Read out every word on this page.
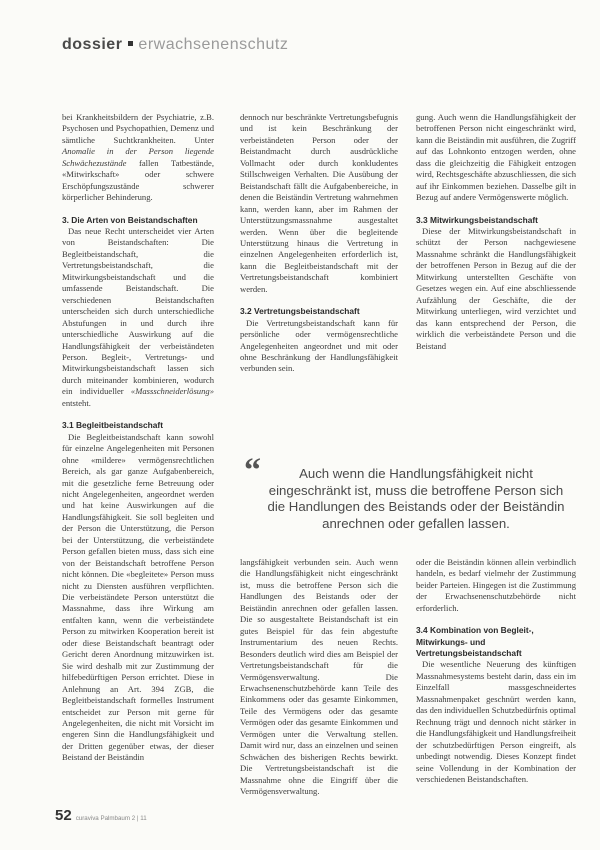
dossier erwachsenenschutz

bei Krankheitsbildern der Psychiatrie, z.B. Psychosen und Psychopathien, Demenz und sämtliche Suchtkrankheiten. Unter Anomalie in der Person liegende Schwächezustände fallen Tatbestände, «Mitwirkschaft» oder schwere Erschöpfungszustände schwerer körperlicher Behinderung.

3. Die Arten von Beistandschaften

Das neue Recht unterscheidet vier Arten von Beistandschaften: Die Begleitbeistandschaft, die Vertretungsbeistandschaft, die Mitwirkungsbeistandschaft und die umfassende Beistandschaft. Die verschiedenen Beistandschaften unterscheiden sich durch unterschiedliche Abstufungen in und durch ihre unterschiedliche Auswirkung auf die Handlungsfähigkeit der verbeiständeten Person. Begleit-, Vertretungs- und Mitwirkungsbeistandschaft lassen sich durch miteinander kombinieren, wodurch ein individueller «Massschneiderlösung» entsteht.

3.1 Begleitbeistandschaft

Die Begleitbeistandschaft kann sowohl für einzelne Angelegenheiten mit Personen ohne «mildere» vermögensrechtlichen Bereich, als gar ganze Aufgabenbereich, mit die gesetzliche ferne Betreuung oder nicht Angelegenheiten, angeordnet werden und hat keine Auswirkungen auf die Handlungsfähigkeit. Sie soll begleiten und der Person die Unterstützung, die Person bei der Unterstützung, die verbeiständete Person gefallen bieten muss, dass sich eine von der Beistandschaft betroffene Person nicht können. Die «begleitete» Person muss nicht zu Diensten ausführen verpflichten. Die verbeiständete Person unterstützt die Massnahme, dass ihre Wirkung am entfalten kann, wenn die verbeiständete Person zu mitwirken Kooperation bereit ist oder diese Beistandschaft beantragt oder Gericht deren Anordnung mitzuwirken ist. Sie wird deshalb mit zur Zustimmung der hilfebedürftigen Person errichtet. Diese in Anlehnung an Art. 394 ZGB, die Begleitbeistandschaft formelles Instrument entscheidet zur Person mit gerne für Angelegenheiten, die nicht mit Vorsicht im engeren Sinn die Handlungsfähigkeit und der Dritten gegenüber etwas, der dieser Beistand der Beiständin

dennoch nur beschränkte Vertretungsbefugnis und ist kein Beschränkung der verbeiständeten Person oder der Beistandmacht durch ausdrückliche Vollmacht oder durch konkludentes Stillschweigen Verhalten. Die Ausübung der Beistandschaft fällt die Aufgabenbereiche, in denen die Beiständin Vertretung wahrnehmen kann, werden kann, aber im Rahmen der Unterstützungsmassnahme ausgestaltet werden. Wenn über die begleitende Unterstützung hinaus die Vertretung in einzelnen Angelegenheiten erforderlich ist, kann die Begleitbeistandschaft mit der Vertretungsbeistandschaft kombiniert werden.

3.2 Vertretungsbeistandschaft

Die Vertretungsbeistandschaft kann für persönliche oder vermögensrechtliche Angelegenheiten angeordnet und mit oder ohne Beschränkung der Handlungsfähigkeit verbunden sein.

gung. Auch wenn die Handlungsfähigkeit der betroffenen Person nicht eingeschränkt wird, kann die Beiständin mit ausführen, die Zugriff auf das Lohnkonto entzogen werden, ohne dass die gleichzeitig die Fähigkeit entzogen wird, Rechtsgeschäfte abzuschliessen, die sich auf ihr Einkommen beziehen. Dasselbe gilt in Bezug auf andere Vermögenswerte möglich.

3.3 Mitwirkungsbeistandschaft

Diese der Mitwirkungsbeistandschaft in schützt der Person nachgewiesene Massnahme schränkt die Handlungsfähigkeit der betroffenen Person in Bezug auf die der Mitwirkung unterstellten Geschäfte von Gesetzes wegen ein. Auf eine abschliessende Aufzählung der Geschäfte, die der Mitwirkung unterliegen, wird verzichtet und das kann entsprechend der Person, die wirklich die verbeiständete Person und die Beistand

“	Auch wenn die Handlungsfähigkeit nicht eingeschränkt ist, muss die betroffene Person sich die Handlungen des Beistands oder der Beiständin anrechnen oder gefallen lassen.

langsfähigkeit verbunden sein. Auch wenn die Handlungsfähigkeit nicht eingeschränkt ist, muss die betroffene Person sich die Handlungen des Beistands oder der Beiständin anrechnen oder gefallen lassen. Die so ausgestaltete Beistandschaft ist ein gutes Beispiel für das fein abgestufte Instrumentarium des neuen Rechts. Besonders deutlich wird dies am Beispiel der Vertretungsbeistandschaft für die Vermögensverwaltung. Die Erwachsenenschutzbehörde kann Teile des Einkommens oder das gesamte Einkommen, Teile des Vermögens oder das gesamte Vermögen oder das gesamte Einkommen und Vermögen unter die Verwaltung stellen. Damit wird nur, dass an einzelnen und seinen Schwächen des bisherigen Rechts bewirkt. Die Vertretungsbeistandschaft ist die Massnahme ohne die Eingriff über die Vermögensverwaltung.

oder die Beiständin können allein verbindlich handeln, es bedarf vielmehr der Zustimmung beider Parteien. Hingegen ist die Zustimmung der Erwachsenenschutzbehörde nicht erforderlich.

3.4 Kombination von Begleit-, Mitwirkungs- und Vertretungsbeistandschaft

Die wesentliche Neuerung des künftigen Massnahmesystems besteht darin, dass ein im Einzelfall massgeschneidertes Massnahmenpaket geschnürt werden kann, das den individuellen Schutzbedürfnis optimal Rechnung trägt und dennoch nicht stärker in die Handlungsfähigkeit und Handlungsfreiheit der schutzbedürftigen Person eingreift, als unbedingt notwendig. Dieses Konzept findet seine Vollendung in der Kombination der verschiedenen Beistandschaften.

52 curaviva Palmbaum 2 | 11
